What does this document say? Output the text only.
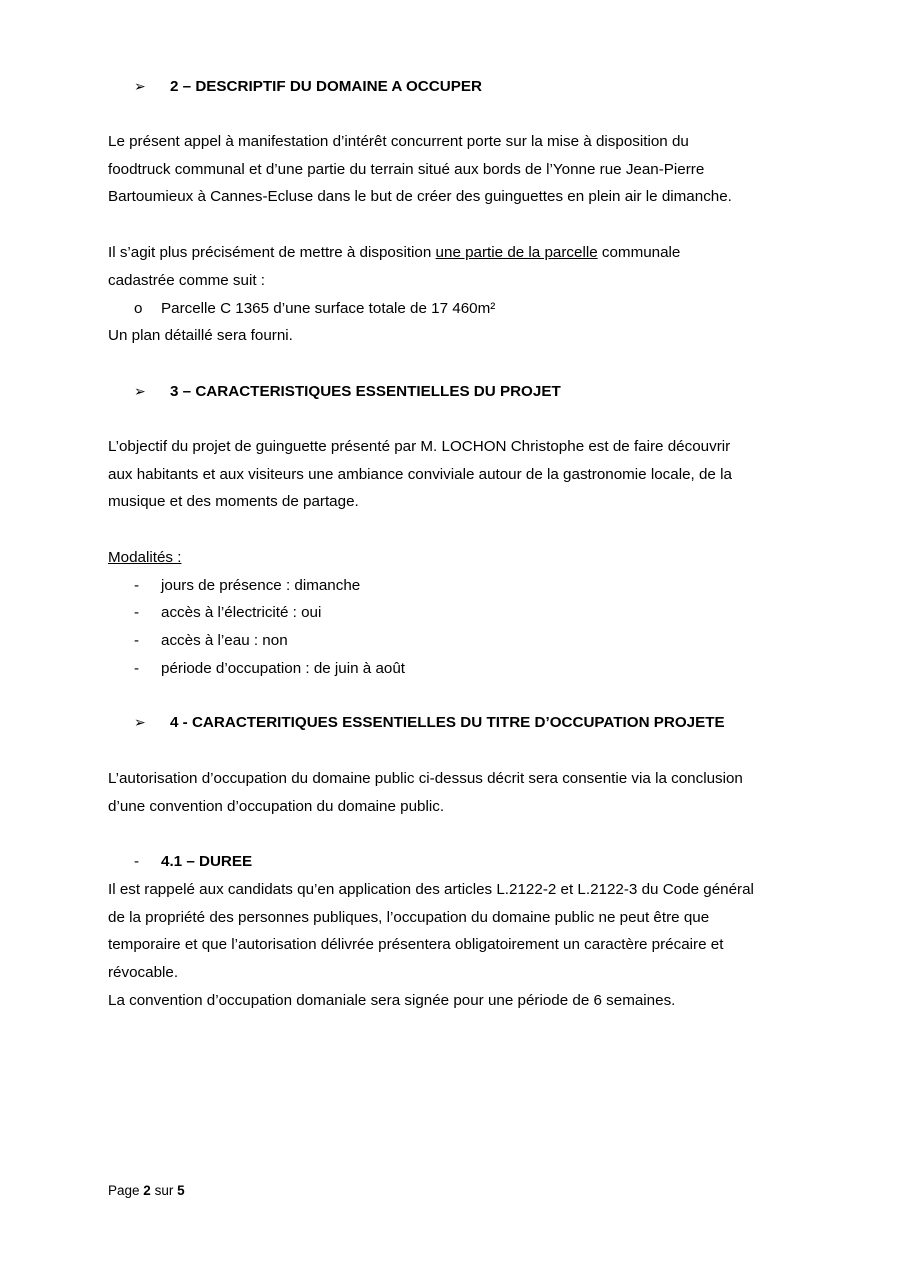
➢ 2 – DESCRIPTIF DU DOMAINE A OCCUPER
Le présent appel à manifestation d’intérêt concurrent porte sur la mise à disposition du
foodtruck communal et d’une partie du terrain situé aux bords de l’Yonne rue Jean-Pierre
Bartoumieux à Cannes-Ecluse dans le but de créer des guinguettes en plein air le dimanche.
Il s’agit plus précisément de mettre à disposition une partie de la parcelle communale
cadastrée comme suit :
o Parcelle C 1365 d’une surface totale de 17 460m²
Un plan détaillé sera fourni.
➢ 3 – CARACTERISTIQUES ESSENTIELLES DU PROJET
L’objectif du projet de guinguette présenté par M. LOCHON Christophe est de faire découvrir
aux habitants et aux visiteurs une ambiance conviviale autour de la gastronomie locale, de la
musique et des moments de partage.
Modalités :
- jours de présence : dimanche
- accès à l’électricité : oui
- accès à l’eau : non
- période d’occupation : de juin à août
➢ 4 - CARACTERITIQUES ESSENTIELLES DU TITRE D’OCCUPATION PROJETE
L’autorisation d’occupation du domaine public ci-dessus décrit sera consentie via la conclusion
d’une convention d’occupation du domaine public.
- 4.1 – DUREE
Il est rappelé aux candidats qu’en application des articles L.2122-2 et L.2122-3 du Code général
de la propriété des personnes publiques, l’occupation du domaine public ne peut être que
temporaire et que l’autorisation délivrée présentera obligatoirement un caractère précaire et
révocable.
La convention d’occupation domaniale sera signée pour une période de 6 semaines.
Page 2 sur 5
